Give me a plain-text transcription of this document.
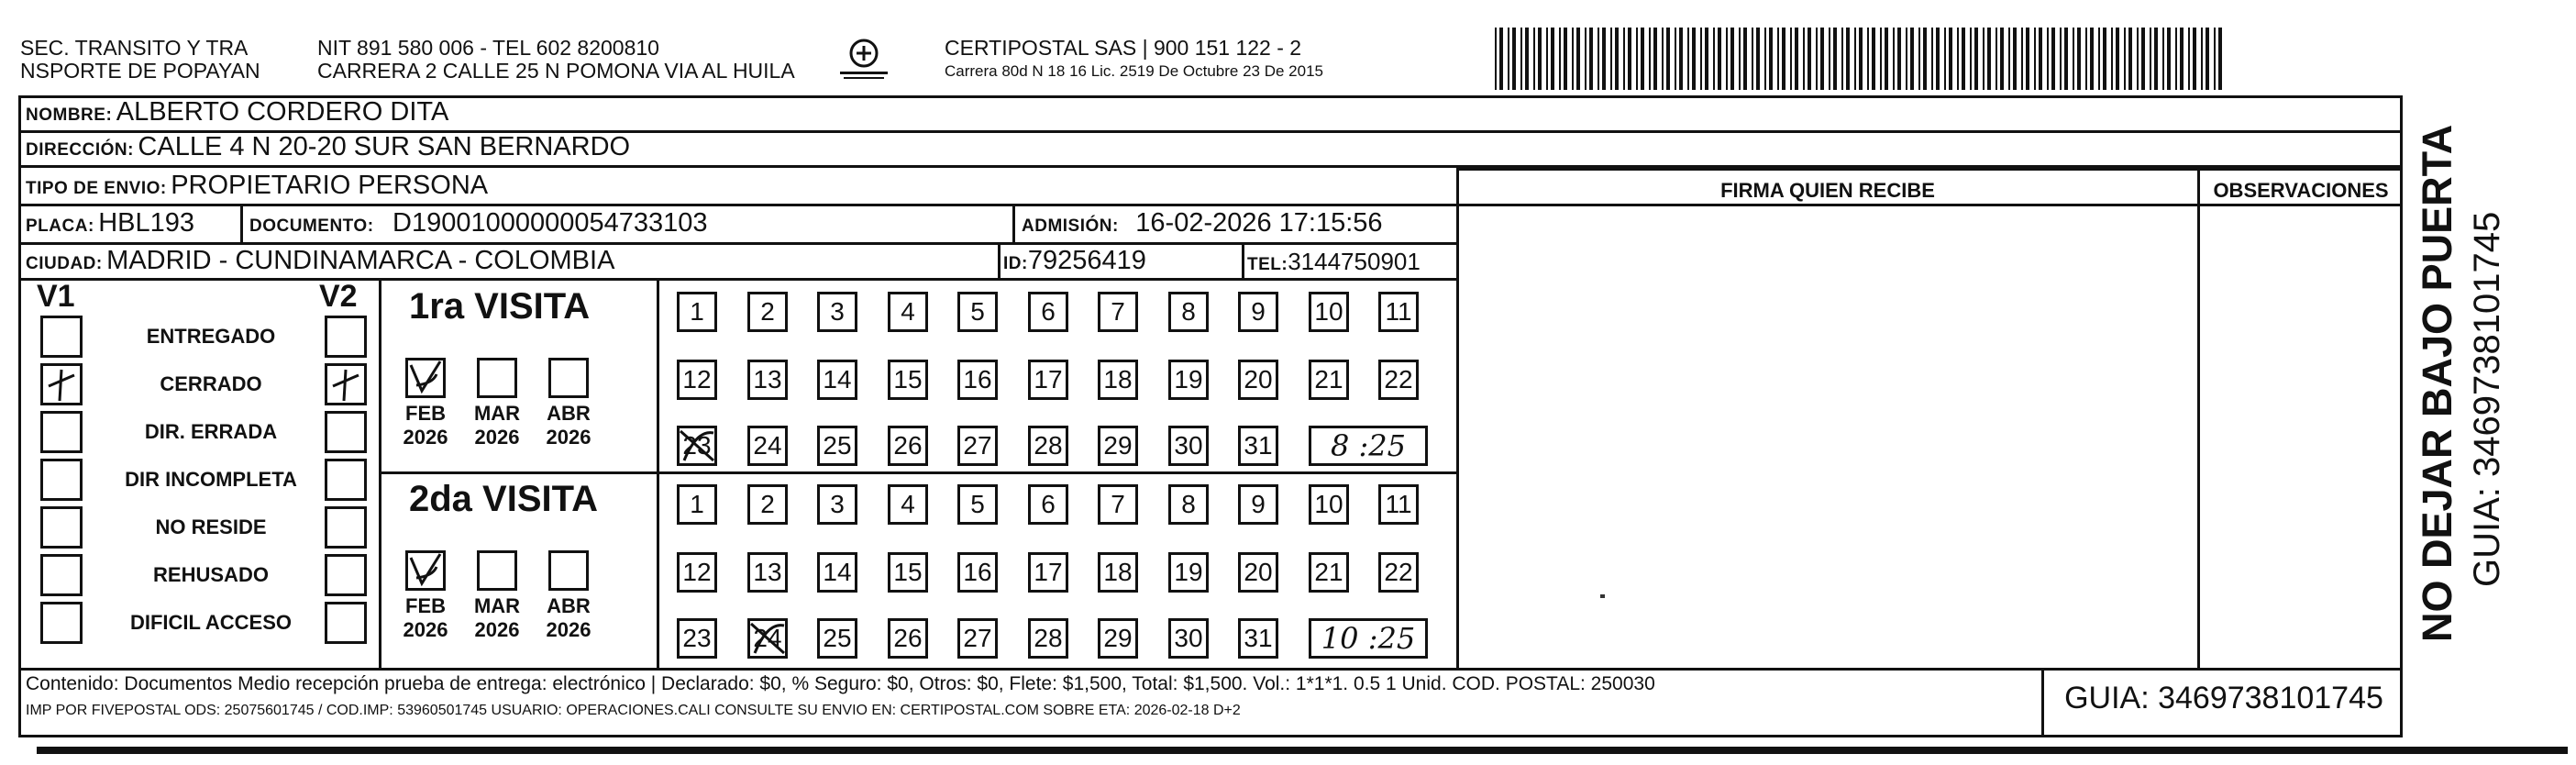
SEC. TRANSITO Y TRA
NSPORTE DE POPAYAN
NIT 891 580 006 - TEL 602 8200810
CARRERA 2 CALLE 25 N POMONA VIA AL HUILA
CERTIPOSTAL SAS | 900 151 122 - 2
Carrera 80d N 18 16 Lic. 2519 De Octubre 23 De 2015
NOMBRE: ALBERTO CORDERO DITA
DIRECCIÓN: CALLE 4 N 20-20 SUR SAN BERNARDO
TIPO DE ENVIO: PROPIETARIO PERSONA
PLACA: HBL193	DOCUMENTO: D19001000000054733103	ADMISIÓN: 16-02-2026 17:15:56
CIUDAD: MADRID - CUNDINAMARCA - COLOMBIA	ID:79256419	TEL:3144750901
FIRMA QUIEN RECIBE	OBSERVACIONES
V1	V2
ENTREGADO
CERRADO
DIR. ERRADA
DIR INCOMPLETA
NO RESIDE
REHUSADO
DIFICIL ACCESO
1ra VISITA
2da VISITA
FEB
2026
MAR
2026
ABR
2026
1	2	3	4	5	6	7	8	9	10 11
12 13 14 15 16 17 18 19 20 21 22
23 24 25 26 27 28 29 30 31	8 :25
FEB
2026
MAR
2026
ABR
2026
1	2	3	4	5	6	7	8	9	10 11
12 13 14 15 16 17 18 19 20 21 22
23 24 25 26 27 28 29 30 31	10 :25
Contenido: Documentos Medio recepción prueba de entrega: electrónico | Declarado: $0, % Seguro: $0, Otros: $0, Flete: $1,500, Total: $1,500. Vol.: 1*1*1. 0.5 1 Unid. COD. POSTAL: 250030
IMP POR FIVEPOSTAL ODS: 25075601745 / COD.IMP: 53960501745 USUARIO: OPERACIONES.CALI CONSULTE SU ENVIO EN: CERTIPOSTAL.COM SOBRE ETA: 2026-02-18 D+2	GUIA: 3469738101745
NO DEJAR BAJO PUERTA GUIA: 3469738101745
